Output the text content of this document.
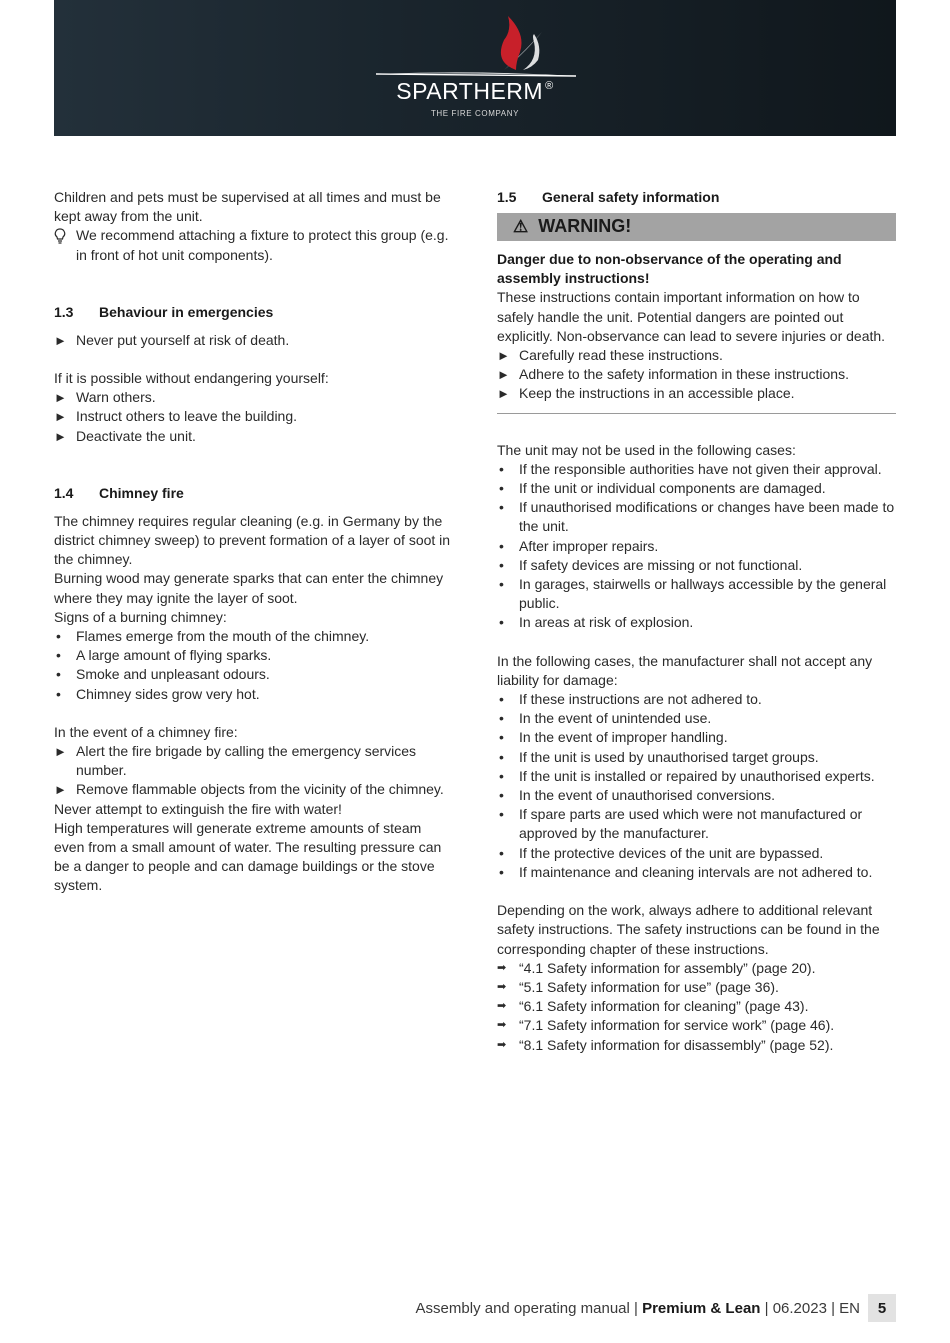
SPARTHERM ®
THE FIRE COMPANY

Children and pets must be supervised at all times and must be kept away from the unit.

We recommend attaching a fixture to protect this group (e.g. in front of hot unit components).
1.3 Behaviour in emergencies
► Never put yourself at risk of death.

If it is possible without endangering yourself:

► Warn others.
► Instruct others to leave the building.
► Deactivate the unit.
1.4 Chimney fire

The chimney requires regular cleaning (e.g. in Germany by the district chimney sweep) to prevent formation of a layer of soot in the chimney.

Burning wood may generate sparks that can enter the chimney where they may ignite the layer of soot.

Signs of a burning chimney:

•	Flames emerge from the mouth of the chimney.
•	A large amount of flying sparks.
•	Smoke and unpleasant odours.
•	Chimney sides grow very hot.

In the event of a chimney fire:

► Alert the fire brigade by calling the emergency services number.
► Remove flammable objects from the vicinity of the chimney.

Never attempt to extinguish the fire with water!

High temperatures will generate extreme amounts of steam even from a small amount of water. The resulting pressure can be a danger to people and can damage buildings or the stove system.

1.5 General safety information
⚠ WARNING!

Danger due to non-observance of the operating and assembly instructions!

These instructions contain important information on how to safely handle the unit. Potential dangers are pointed out explicitly. Non-observance can lead to severe injuries or death.

► Carefully read these instructions.
► Adhere to the safety information in these instructions.
► Keep the instructions in an accessible place.

The unit may not be used in the following cases:

•	If the responsible authorities have not given their approval.
•	If the unit or individual components are damaged.
•	If unauthorised modifications or changes have been made to the unit.
•	After improper repairs.
•	If safety devices are missing or not functional.
•	In garages, stairwells or hallways accessible by the general public.
•	In areas at risk of explosion.

In the following cases, the manufacturer shall not accept any liability for damage:

•	If these instructions are not adhered to.
•	In the event of unintended use.
•	In the event of improper handling.
•	If the unit is used by unauthorised target groups.
•	If the unit is installed or repaired by unauthorised experts.
•	In the event of unauthorised conversions.
•	If spare parts are used which were not manufactured or approved by the manufacturer.
•	If the protective devices of the unit are bypassed.
•	If maintenance and cleaning intervals are not adhered to.

Depending on the work, always adhere to additional relevant safety instructions. The safety instructions can be found in the corresponding chapter of these instructions.

➡ “4.1 Safety information for assembly” (page 20).
➡ “5.1 Safety information for use” (page 36).
➡ “6.1 Safety information for cleaning” (page 43).
➡ “7.1 Safety information for service work” (page 46).
➡ “8.1 Safety information for disassembly” (page 52).
Assembly and operating manual | Premium & Lean | 06.2023 | EN	5
